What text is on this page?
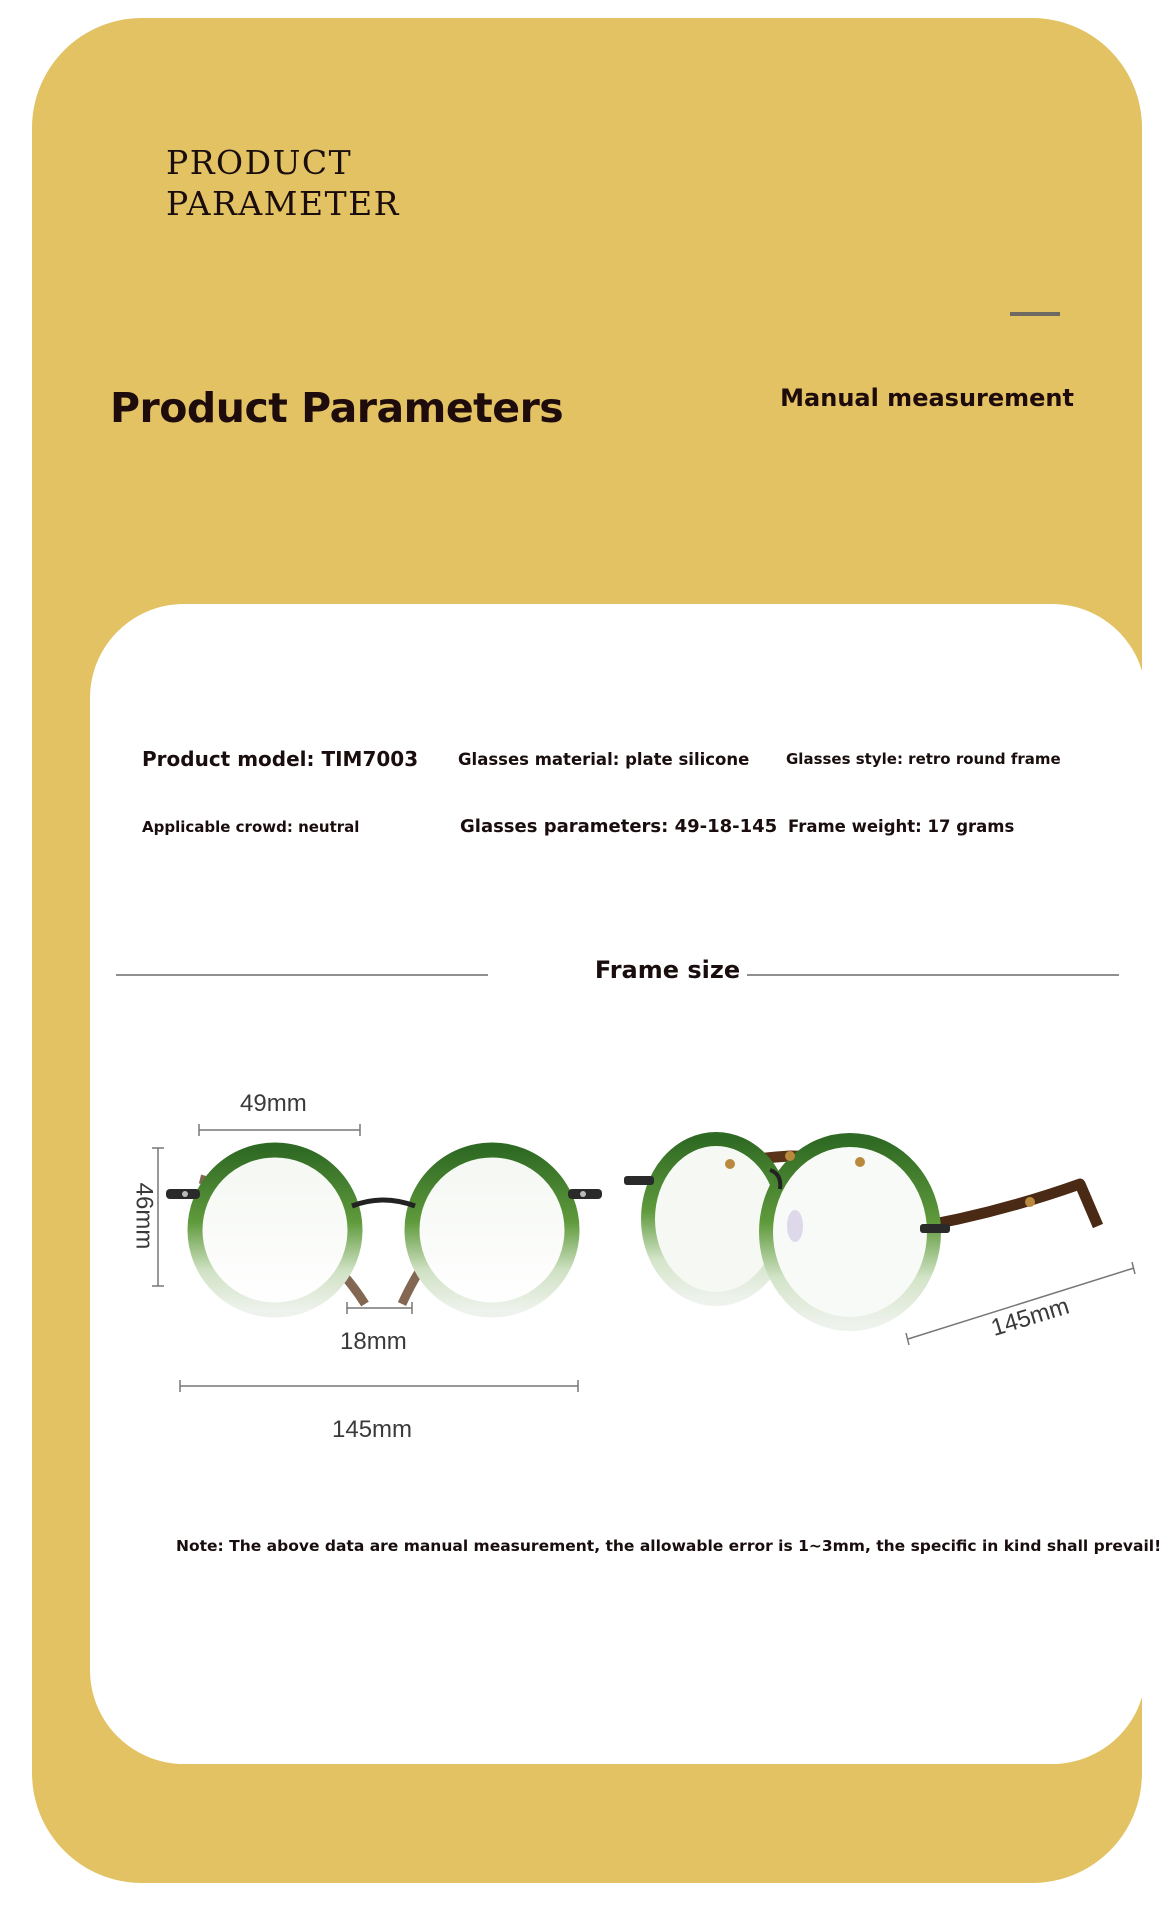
PRODUCT
PARAMETER
Product Parameters	Manual measurement
Product model: TIM7003 Glasses material: plate silicone Glasses style: retro round frame
Applicable crowd: neutral	Glasses parameters: 49-18-145 Frame weight: 17 grams
Frame size
49mm
46mm
18mm
145mm
145mm
Note: The above data are manual measurement, the allowable error is 1~3mm, the specific in kind shall prevail!
